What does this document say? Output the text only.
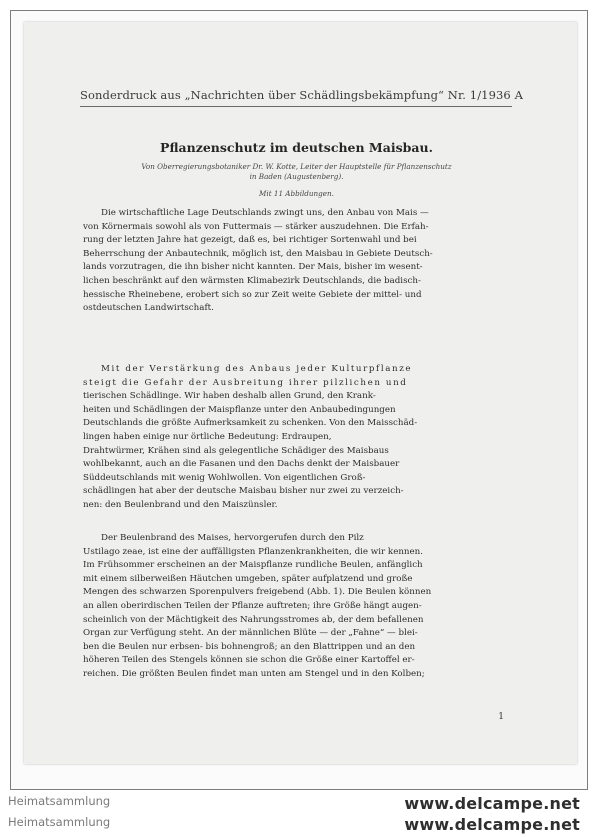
Sonderdruck aus „Nachrichten über Schädlingsbekämpfung“ Nr. 1/1936 A
Pflanzenschutz im deutschen Maisbau.
Von Oberregierungsbotaniker Dr. W. Kotte, Leiter der Hauptstelle für Pflanzenschutz
in Baden (Augustenberg).
Mit 11 Abbildungen.
Die wirtschaftliche Lage Deutschlands zwingt uns, den Anbau von Mais —
von Körnermais sowohl als von Futtermais — stärker auszudehnen. Die Erfah-
rung der letzten Jahre hat gezeigt, daß es, bei richtiger Sortenwahl und bei
Beherrschung der Anbautechnik, möglich ist, den Maisbau in Gebiete Deutsch-
lands vorzutragen, die ihn bisher nicht kannten. Der Mais, bisher im wesent-
lichen beschränkt auf den wärmsten Klimabezirk Deutschlands, die badisch-
hessische Rheinebene, erobert sich so zur Zeit weite Gebiete der mittel- und
ostdeutschen Landwirtschaft.
Mit der Verstärkung des Anbaus jeder Kulturpflanze
steigt die Gefahr der Ausbreitung ihrer pilzlichen und
tierischen Schädlinge. Wir haben deshalb allen Grund, den Krank-
heiten und Schädlingen der Maispflanze unter den Anbaubedingungen
Deutschlands die größte Aufmerksamkeit zu schenken. Von den Maisschäd-
lingen haben einige nur örtliche Bedeutung: Erdraupen,
Drahtwürmer, Krähen sind als gelegentliche Schädiger des Maisbaus
wohlbekannt, auch an die Fasanen und den Dachs denkt der Maisbauer
Süddeutschlands mit wenig Wohlwollen. Von eigentlichen Groß-
schädlingen hat aber der deutsche Maisbau bisher nur zwei zu verzeich-
nen: den Beulenbrand und den Maiszünsler.
Der Beulenbrand des Maises, hervorgerufen durch den Pilz
Ustilago zeae, ist eine der auffälligsten Pflanzenkrankheiten, die wir kennen.
Im Frühsommer erscheinen an der Maispflanze rundliche Beulen, anfänglich
mit einem silberweißen Häutchen umgeben, später aufplatzend und große
Mengen des schwarzen Sporenpulvers freigebend (Abb. 1). Die Beulen können
an allen oberirdischen Teilen der Pflanze auftreten; ihre Größe hängt augen-
scheinlich von der Mächtigkeit des Nahrungsstromes ab, der dem befallenen
Organ zur Verfügung steht. An der männlichen Blüte — der „Fahne“ — blei-
ben die Beulen nur erbsen- bis bohnengroß; an den Blattrippen und an den
höheren Teilen des Stengels können sie schon die Größe einer Kartoffel er-
reichen. Die größten Beulen findet man unten am Stengel und in den Kolben;
1
Heimatsammlung	www.delcampe.net
Heimatsammlung	www.delcampe.net
